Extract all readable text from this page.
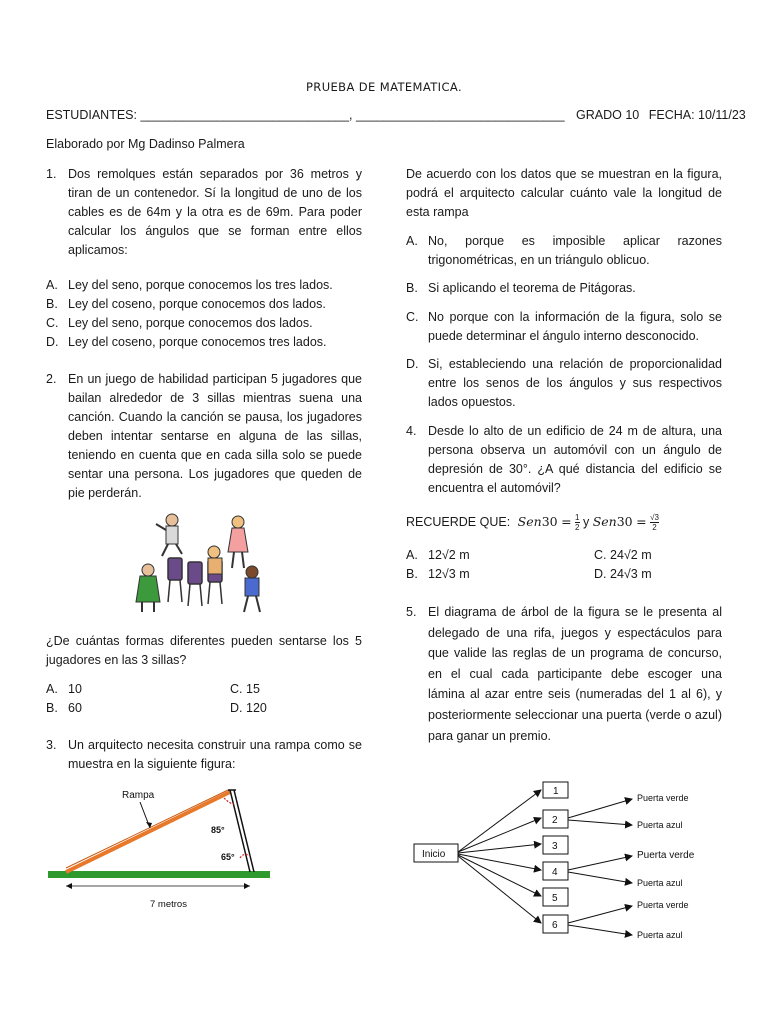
PRUEBA DE MATEMATICA.
ESTUDIANTES: ______________________________, ______________________________ GRADO 10 FECHA: 10/11/23
Elaborado por Mg Dadinso Palmera
1. Dos remolques están separados por 36 metros y tiran de un contenedor. Sí la longitud de uno de los cables es de 64m y la otra es de 69m. Para poder calcular los ángulos que se forman entre ellos aplicamos:
A. Ley del seno, porque conocemos los tres lados.
B. Ley del coseno, porque conocemos dos lados.
C. Ley del seno, porque conocemos dos lados.
D. Ley del coseno, porque conocemos tres lados.
2. En un juego de habilidad participan 5 jugadores que bailan alrededor de 3 sillas mientras suena una canción. Cuando la canción se pausa, los jugadores deben intentar sentarse en alguna de las sillas, teniendo en cuenta que en cada silla solo se puede sentar una persona. Los jugadores que queden de pie perderán.
¿De cuántas formas diferentes pueden sentarse los 5 jugadores en las 3 sillas?
A. 10	C. 15
B. 60	D. 120
3. Un arquitecto necesita construir una rampa como se muestra en la siguiente figura:
Rampa
85°
65°
7 metros
De acuerdo con los datos que se muestran en la figura, podrá el arquitecto calcular cuánto vale la longitud de esta rampa
A. No, porque es imposible aplicar razones trigonométricas, en un triángulo oblicuo.
B. Si aplicando el teorema de Pitágoras.
C. No porque con la información de la figura, solo se puede determinar el ángulo interno desconocido.
D. Si, estableciendo una relación de proporcionalidad entre los senos de los ángulos y sus respectivos lados opuestos.
4. Desde lo alto de un edificio de 24 m de altura, una persona observa un automóvil con un ángulo de depresión de 30°. ¿A qué distancia del edificio se encuentra el automóvil?
RECUERDE QUE: $Sen30 = \frac{1}{2}$ y $Sen30 = \frac{√3}{2}$
A. 12√2 m	C. 24√2 m
B. 12√3 m	D. 24√3 m
5. El diagrama de árbol de la figura se le presenta al delegado de una rifa, juegos y espectáculos para que valide las reglas de un programa de concurso, en el cual cada participante debe escoger una lámina al azar entre seis (numeradas del 1 al 6), y posteriormente seleccionar una puerta (verde o azul) para ganar un premio.
Inicio
1
2
3
4
5
6
Puerta verde
Puerta azul
Puerta verde
Puerta azul
Puerta verde
Puerta azul
